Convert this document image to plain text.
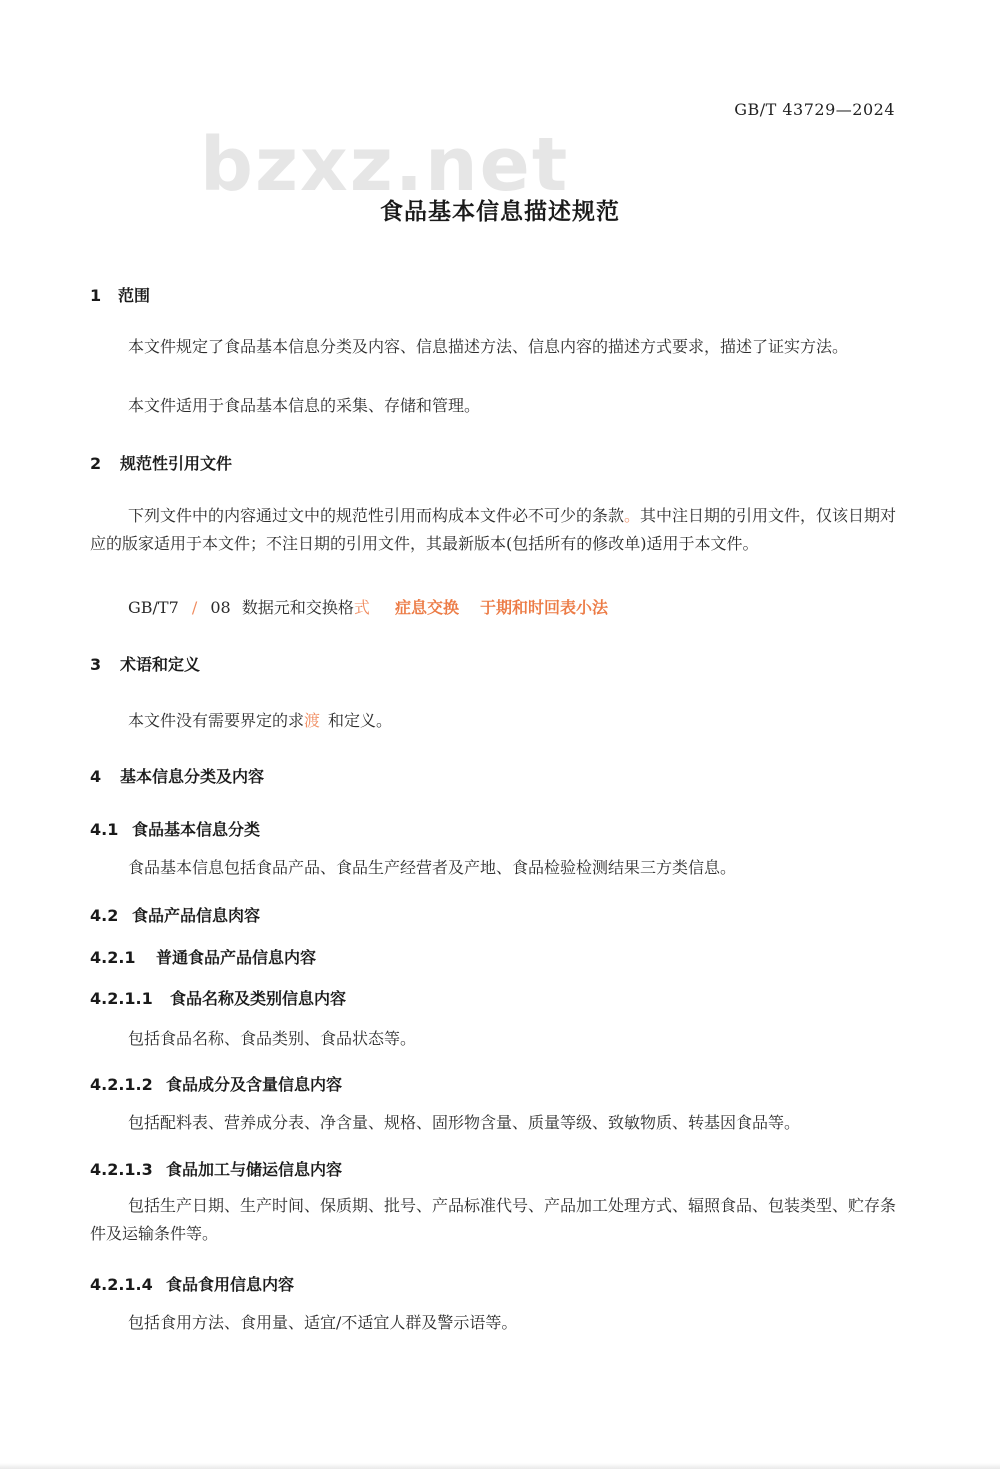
GB/T 43729—2024
bzxz.net
食品基本信息描述规范
1 范围
本文件规定了食品基本信息分类及内容、信息描述方法、信息内容的描述方式要求，描述了证实方法。
本文件适用于食品基本信息的采集、存储和管理。
2 规范性引用文件
下列文件中的内容通过文中的规范性引用而构成本文件必不可少的条款。其中注日期的引用文件，仅该日期对应的版家适用于本文件；不注日期的引用文件，其最新版本(包括所有的修改单)适用于本文件。
GB/T7 / 08 数据元和交换格式 症息交换 于期和时回表小法
3 术语和定义
本文件没有需要界定的求渡 和定义。
4 基本信息分类及内容
4.1 食品基本信息分类
食品基本信息包括食品产品、食品生产经营者及产地、食品检验检测结果三方类信息。
4.2 食品产品信息肉容
4.2.1 普通食品产品信息内容
4.2.1.1 食品名称及类别信息内容
包括食品名称、食品类别、食品状态等。
4.2.1.2 食品成分及含量信息内容
包括配料表、营养成分表、净含量、规格、固形物含量、质量等级、致敏物质、转基因食品等。
4.2.1.3 食品加工与储运信息内容
包括生产日期、生产时间、保质期、批号、产品标准代号、产品加工处理方式、辐照食品、包装类型、贮存条件及运输条件等。
4.2.1.4 食品食用信息内容
包括食用方法、食用量、适宜/不适宜人群及警示语等。
